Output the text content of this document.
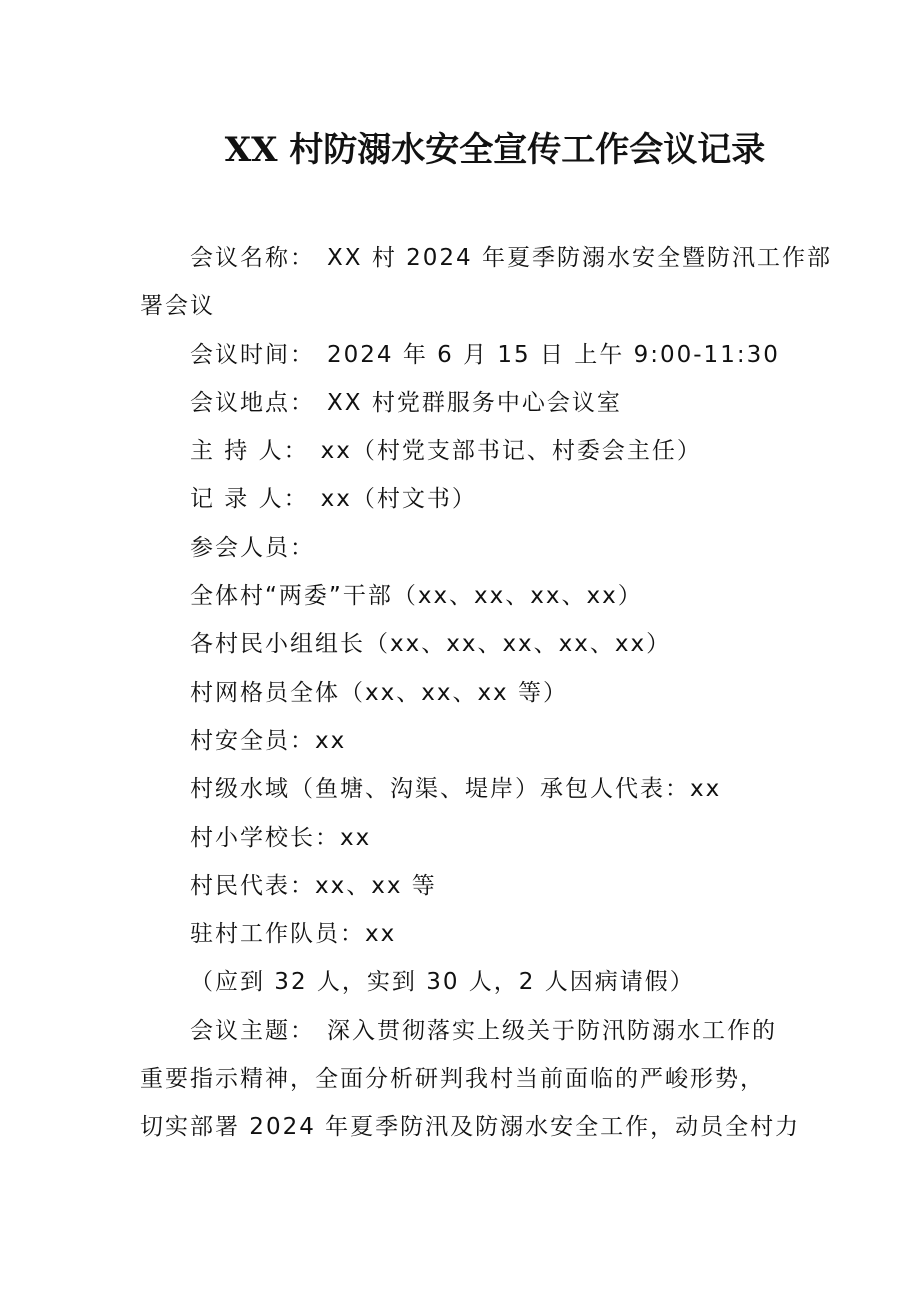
XX 村防溺水安全宣传工作会议记录

会议名称： XX 村 2024 年夏季防溺水安全暨防汛工作部

署会议

会议时间： 2024 年 6 月 15 日 上午 9:00-11:30

会议地点： XX 村党群服务中心会议室

主 持 人： xx（村党支部书记、村委会主任）

记 录 人： xx（村文书）

参会人员：

全体村“两委”干部（xx、xx、xx、xx）

各村民小组组长（xx、xx、xx、xx、xx）

村网格员全体（xx、xx、xx 等）

村安全员：xx

村级水域（鱼塘、沟渠、堤岸）承包人代表：xx

村小学校长：xx

村民代表：xx、xx 等

驻村工作队员：xx

（应到 32 人，实到 30 人，2 人因病请假）

会议主题： 深入贯彻落实上级关于防汛防溺水工作的

重要指示精神，全面分析研判我村当前面临的严峻形势，

切实部署 2024 年夏季防汛及防溺水安全工作，动员全村力
